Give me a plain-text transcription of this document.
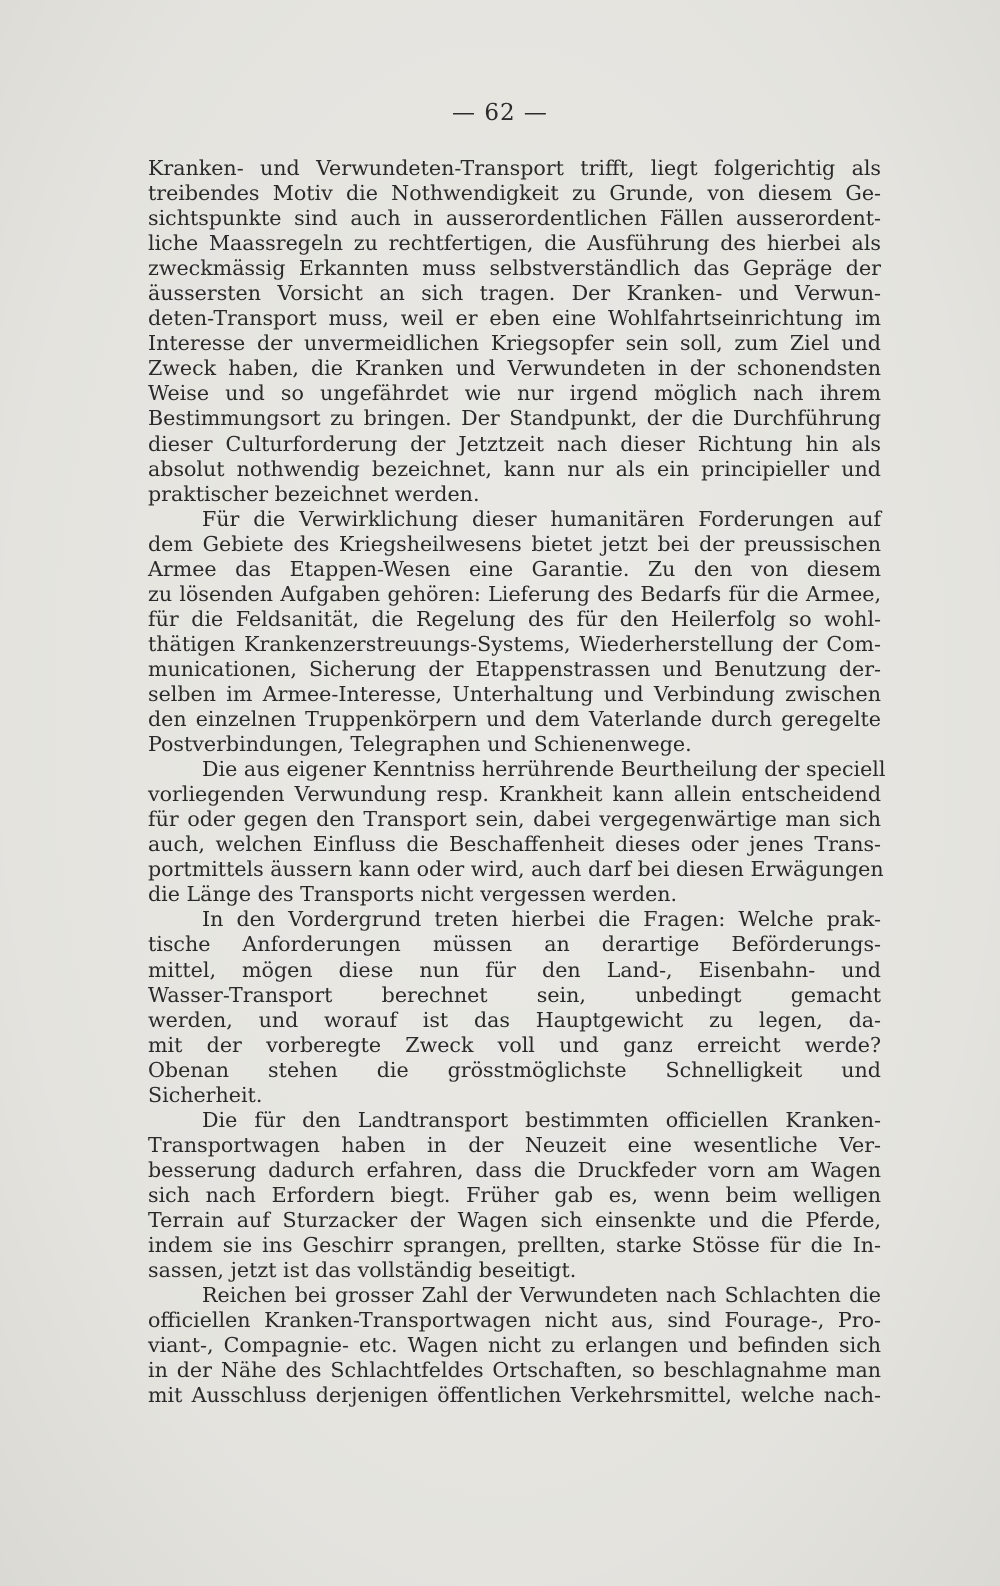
— 62 —
Kranken- und Verwundeten-Transport trifft, liegt folgerichtig als
treibendes Motiv die Nothwendigkeit zu Grunde, von diesem Ge-
sichtspunkte sind auch in ausserordentlichen Fällen ausserordent-
liche Maassregeln zu rechtfertigen, die Ausführung des hierbei als
zweckmässig Erkannten muss selbstverständlich das Gepräge der
äussersten Vorsicht an sich tragen. Der Kranken- und Verwun-
deten-Transport muss, weil er eben eine Wohlfahrtseinrichtung im
Interesse der unvermeidlichen Kriegsopfer sein soll, zum Ziel und
Zweck haben, die Kranken und Verwundeten in der schonendsten
Weise und so ungefährdet wie nur irgend möglich nach ihrem
Bestimmungsort zu bringen. Der Standpunkt, der die Durchführung
dieser Culturforderung der Jetztzeit nach dieser Richtung hin als
absolut nothwendig bezeichnet, kann nur als ein principieller und
praktischer bezeichnet werden.
Für die Verwirklichung dieser humanitären Forderungen auf
dem Gebiete des Kriegsheilwesens bietet jetzt bei der preussischen
Armee das Etappen-Wesen eine Garantie. Zu den von diesem
zu lösenden Aufgaben gehören: Lieferung des Bedarfs für die Armee,
für die Feldsanität, die Regelung des für den Heilerfolg so wohl-
thätigen Krankenzerstreuungs-Systems, Wiederherstellung der Com-
municationen, Sicherung der Etappenstrassen und Benutzung der-
selben im Armee-Interesse, Unterhaltung und Verbindung zwischen
den einzelnen Truppenkörpern und dem Vaterlande durch geregelte
Postverbindungen, Telegraphen und Schienenwege.
Die aus eigener Kenntniss herrührende Beurtheilung der speciell
vorliegenden Verwundung resp. Krankheit kann allein entscheidend
für oder gegen den Transport sein, dabei vergegenwärtige man sich
auch, welchen Einfluss die Beschaffenheit dieses oder jenes Trans-
portmittels äussern kann oder wird, auch darf bei diesen Erwägungen
die Länge des Transports nicht vergessen werden.
In den Vordergrund treten hierbei die Fragen: Welche prak-
tische Anforderungen müssen an derartige Beförderungs-
mittel, mögen diese nun für den Land-, Eisenbahn- und
Wasser-Transport berechnet sein, unbedingt gemacht
werden, und worauf ist das Hauptgewicht zu legen, da-
mit der vorberegte Zweck voll und ganz erreicht werde?
Obenan stehen die grösstmöglichste Schnelligkeit und
Sicherheit.
Die für den Landtransport bestimmten officiellen Kranken-
Transportwagen haben in der Neuzeit eine wesentliche Ver-
besserung dadurch erfahren, dass die Druckfeder vorn am Wagen
sich nach Erfordern biegt. Früher gab es, wenn beim welligen
Terrain auf Sturzacker der Wagen sich einsenkte und die Pferde,
indem sie ins Geschirr sprangen, prellten, starke Stösse für die In-
sassen, jetzt ist das vollständig beseitigt.
Reichen bei grosser Zahl der Verwundeten nach Schlachten die
officiellen Kranken-Transportwagen nicht aus, sind Fourage-, Pro-
viant-, Compagnie- etc. Wagen nicht zu erlangen und befinden sich
in der Nähe des Schlachtfeldes Ortschaften, so beschlagnahme man
mit Ausschluss derjenigen öffentlichen Verkehrsmittel, welche nach-
